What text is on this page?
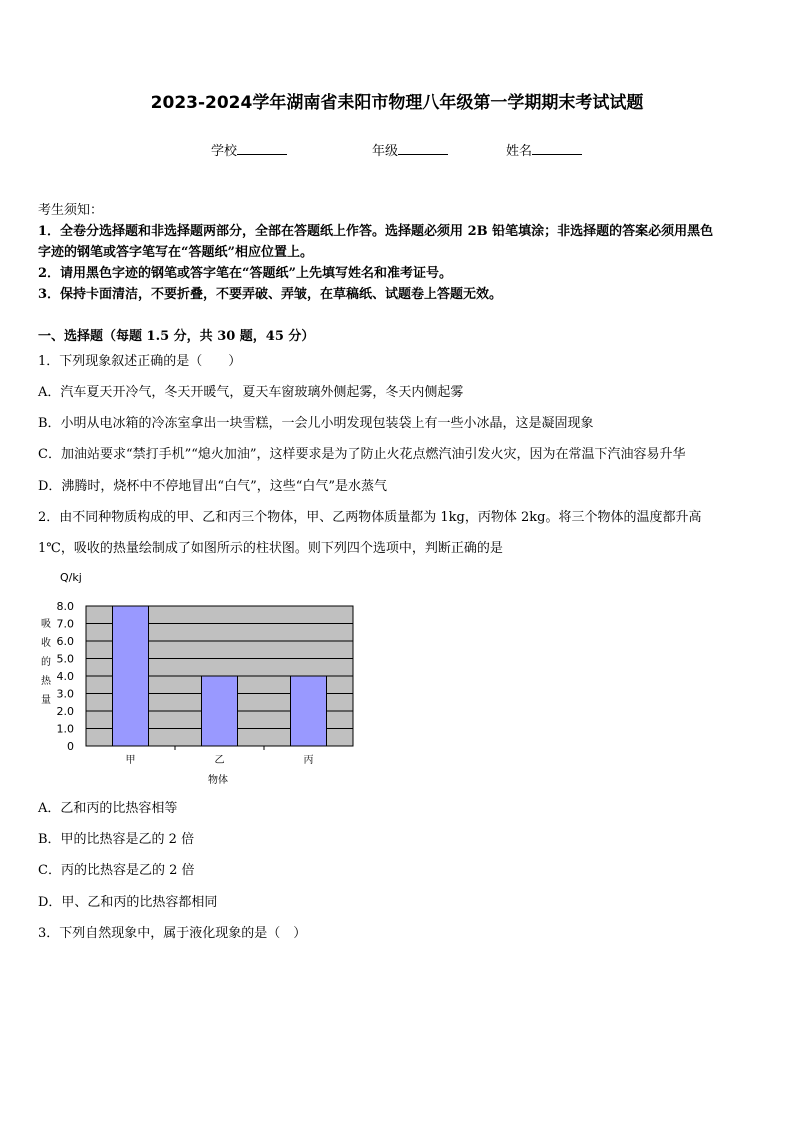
2023-2024学年湖南省耒阳市物理八年级第一学期期末考试试题
学校	年级	姓名
考生须知：
1．全卷分选择题和非选择题两部分，全部在答题纸上作答。选择题必须用 2B 铅笔填涂；非选择题的答案必须用黑色
字迹的钢笔或答字笔写在“答题纸”相应位置上。
2．请用黑色字迹的钢笔或答字笔在“答题纸”上先填写姓名和准考证号。
3．保持卡面清洁，不要折叠，不要弄破、弄皱，在草稿纸、试题卷上答题无效。
一、选择题（每题 1.5 分，共 30 题，45 分）
1．下列现象叙述正确的是（　　）
A．汽车夏天开冷气，冬天开暖气，夏天车窗玻璃外侧起雾，冬天内侧起雾
B．小明从电冰箱的冷冻室拿出一块雪糕，一会儿小明发现包装袋上有一些小冰晶，这是凝固现象
C．加油站要求“禁打手机”“熄火加油”，这样要求是为了防止火花点燃汽油引发火灾，因为在常温下汽油容易升华
D．沸腾时，烧杯中不停地冒出“白气”，这些“白气”是水蒸气
2．由不同种物质构成的甲、乙和丙三个物体，甲、乙两物体质量都为 1kg，丙物体 2kg。将三个物体的温度都升高
1℃，吸收的热量绘制成了如图所示的柱状图。则下列四个选项中，判断正确的是
Q/kj
吸
收
的
热
量
0
1.0
2.0
3.0
4.0
5.0
6.0
7.0
8.0
甲	乙	丙
物体
A．乙和丙的比热容相等
B．甲的比热容是乙的 2 倍
C．丙的比热容是乙的 2 倍
D．甲、乙和丙的比热容都相同
3．下列自然现象中，属于液化现象的是（　）
